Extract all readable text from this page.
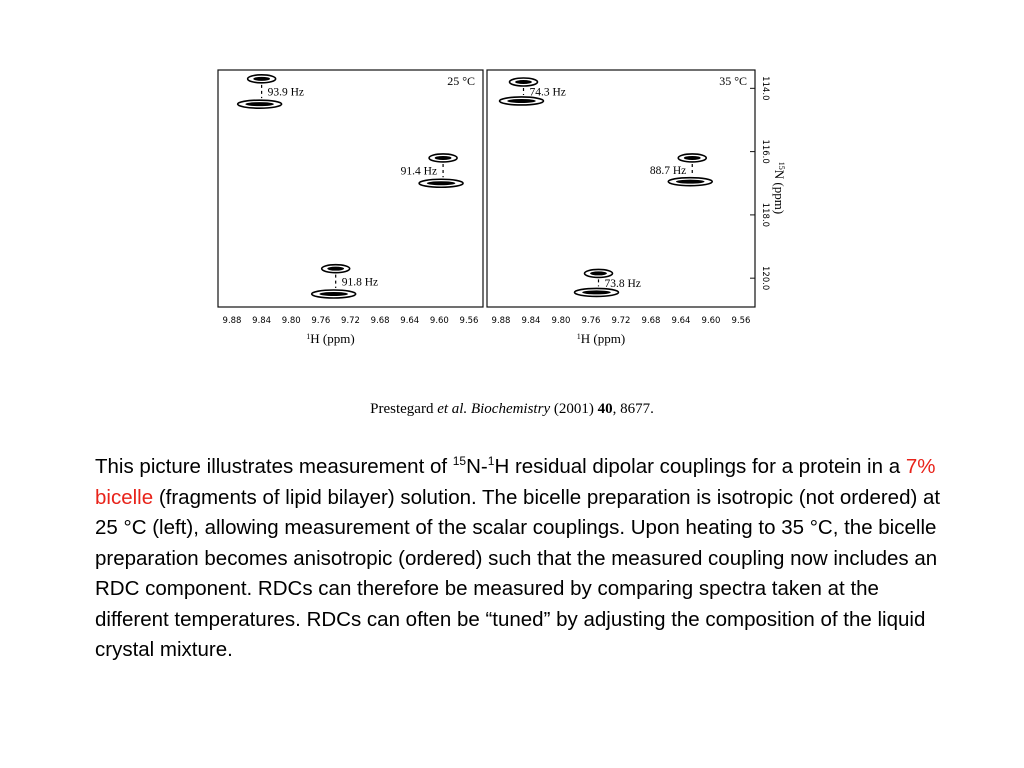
25 °C
93.9 Hz
91.4 Hz
91.8 Hz
35 °C
74.3 Hz
88.7 Hz
73.8 Hz
9.88 9.84 9.80 9.76 9.72 9.68 9.64 9.60 9.56
$^1$H (ppm)
9.88 9.84 9.80 9.76 9.72 9.68 9.64 9.60 9.56
$^1$H (ppm)
114.0
116.0
118.0
120.0
$^{15}$N (ppm)
Prestegard et al. Biochemistry (2001) 40, 8677.
This picture illustrates measurement of $^{15}$N-$^1$H residual dipolar couplings for a protein in a 7% bicelle (fragments of lipid bilayer) solution. The bicelle preparation is isotropic (not ordered) at 25 °C (left), allowing measurement of the scalar couplings. Upon heating to 35 °C, the bicelle preparation becomes anisotropic (ordered) such that the measured coupling now includes an RDC component. RDCs can therefore be measured by comparing spectra taken at the different temperatures. RDCs can often be “tuned” by adjusting the composition of the liquid crystal mixture.
